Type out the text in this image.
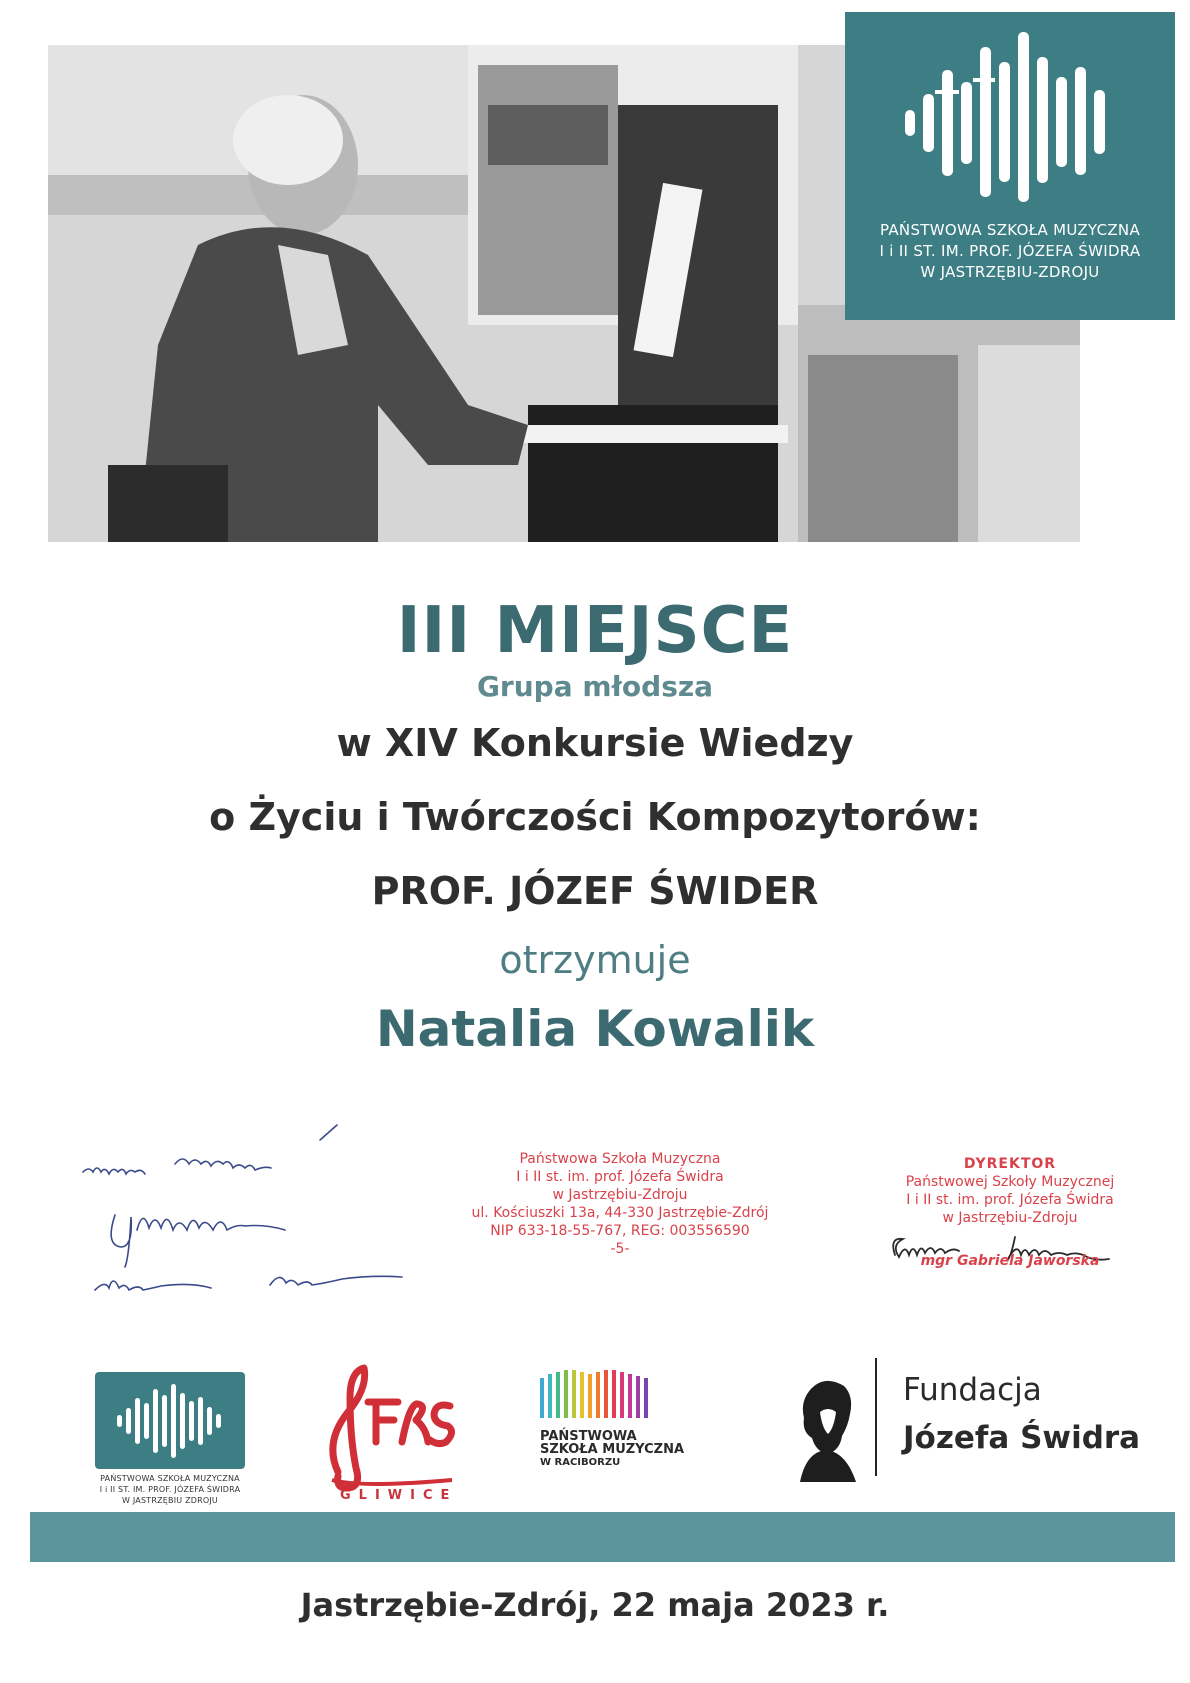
PAŃSTWOWA SZKOŁA MUZYCZNA
I i II ST. IM. PROF. JÓZEFA ŚWIDRA
W JASTRZĘBIU-ZDROJU
III MIEJSCE
Grupa młodsza
w XIV Konkursie Wiedzy
o Życiu i Twórczości Kompozytorów:
PROF. JÓZEF ŚWIDER
otrzymuje
Natalia Kowalik
Państwowa Szkoła Muzyczna
I i II st. im. prof. Józefa Świdra
w Jastrzębiu-Zdroju
ul. Kościuszki 13a, 44-330 Jastrzębie-Zdrój
NIP 633-18-55-767, REG: 003556590
-5-
DYREKTOR
Państwowej Szkoły Muzycznej
I i II st. im. prof. Józefa Świdra
w Jastrzębiu-Zdroju
mgr Gabriela Jaworska
PAŃSTWOWA SZKOŁA MUZYCZNA
I i II ST. IM. PROF. JÓZEFA ŚWIDRA
W JASTRZĘBIU ZDROJU	GLIWICE
PAŃSTWOWA
SZKOŁA MUZYCZNA
W RACIBORZU
Fundacja
Józefa Świdra
Jastrzębie-Zdrój, 22 maja 2023 r.
